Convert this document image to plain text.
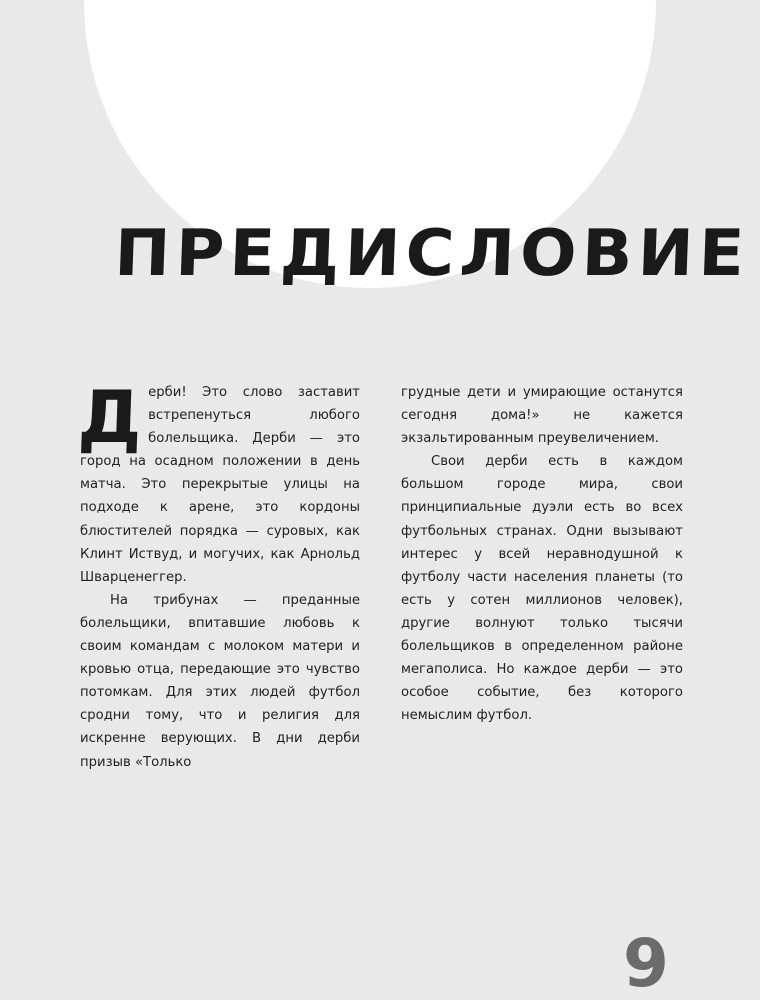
ПРЕДИСЛОВИЕ
Д ерби! Это слово заставит встрепенуться любого болельщика. Дерби — это город на осадном положении в день матча. Это перекрытые улицы на подходе к арене, это кордоны блюстителей порядка — суровых, как Клинт Иствуд, и могучих, как Арнольд Шварценеггер.

На трибунах — преданные болельщики, впитавшие любовь к своим командам с молоком матери и кровью отца, передающие это чувство потомкам. Для этих людей футбол сродни тому, что и религия для искренне верующих. В дни дерби призыв «Только

грудные дети и умирающие останутся сегодня дома!» не кажется экзальтированным преувеличением.

Свои дерби есть в каждом большом городе мира, свои принципиальные дуэли есть во всех футбольных странах. Одни вызывают интерес у всей неравнодушной к футболу части населения планеты (то есть у сотен миллионов человек), другие волнуют только тысячи болельщиков в определенном районе мегаполиса. Но каждое дерби — это особое событие, без которого немыслим футбол.

9
